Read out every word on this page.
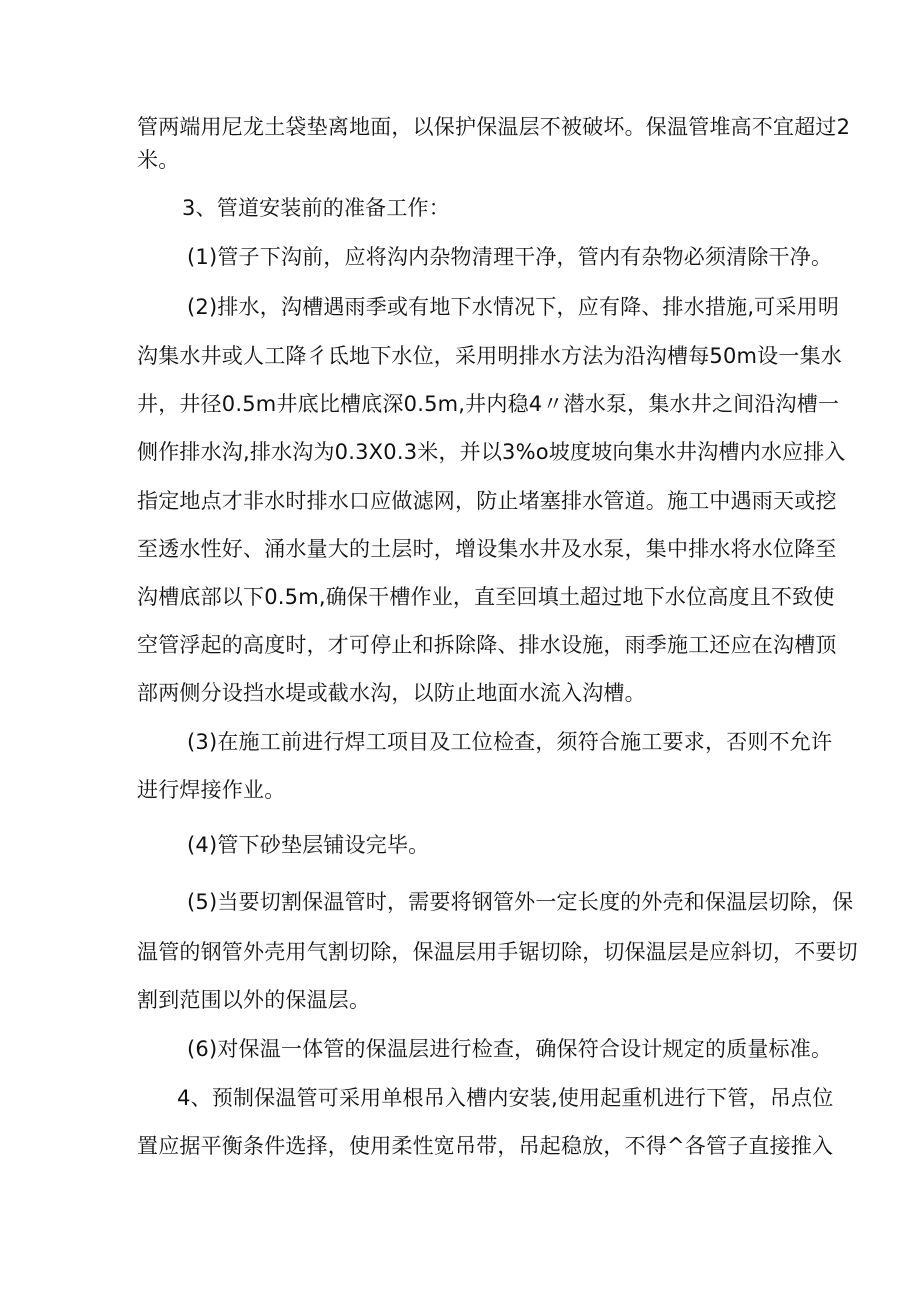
管两端用尼龙土袋垫离地面，以保护保温层不被破坏。保温管堆高不宜超过2
米。
3、管道安装前的准备工作：
(1)管子下沟前，应将沟内杂物清理干净，管内有杂物必须清除干净。
(2)排水，沟槽遇雨季或有地下水情况下，应有降、排水措施,可采用明
沟集水井或人工降彳氐地下水位，采用明排水方法为沿沟槽每50m设一集水
井，井径0.5m井底比槽底深0.5m,井内稳4〃潜水泵，集水井之间沿沟槽一
侧作排水沟,排水沟为0.3X0.3米，并以3%o坡度坡向集水井沟槽内水应排入
指定地点才非水时排水口应做滤网，防止堵塞排水管道。施工中遇雨天或挖
至透水性好、涌水量大的土层时，增设集水井及水泵，集中排水将水位降至
沟槽底部以下0.5m,确保干槽作业，直至回填土超过地下水位高度且不致使
空管浮起的高度时，才可停止和拆除降、排水设施，雨季施工还应在沟槽顶
部两侧分设挡水堤或截水沟，以防止地面水流入沟槽。
(3)在施工前进行焊工项目及工位检查，须符合施工要求，否则不允许
进行焊接作业。
(4)管下砂垫层铺设完毕。
(5)当要切割保温管时，需要将钢管外一定长度的外壳和保温层切除，保
温管的钢管外壳用气割切除，保温层用手锯切除，切保温层是应斜切，不要切
割到范围以外的保温层。
(6)对保温一体管的保温层进行检查，确保符合设计规定的质量标准。
4、预制保温管可采用单根吊入槽内安装,使用起重机进行下管，吊点位
置应据平衡条件选择，使用柔性宽吊带，吊起稳放，不得^各管子直接推入
